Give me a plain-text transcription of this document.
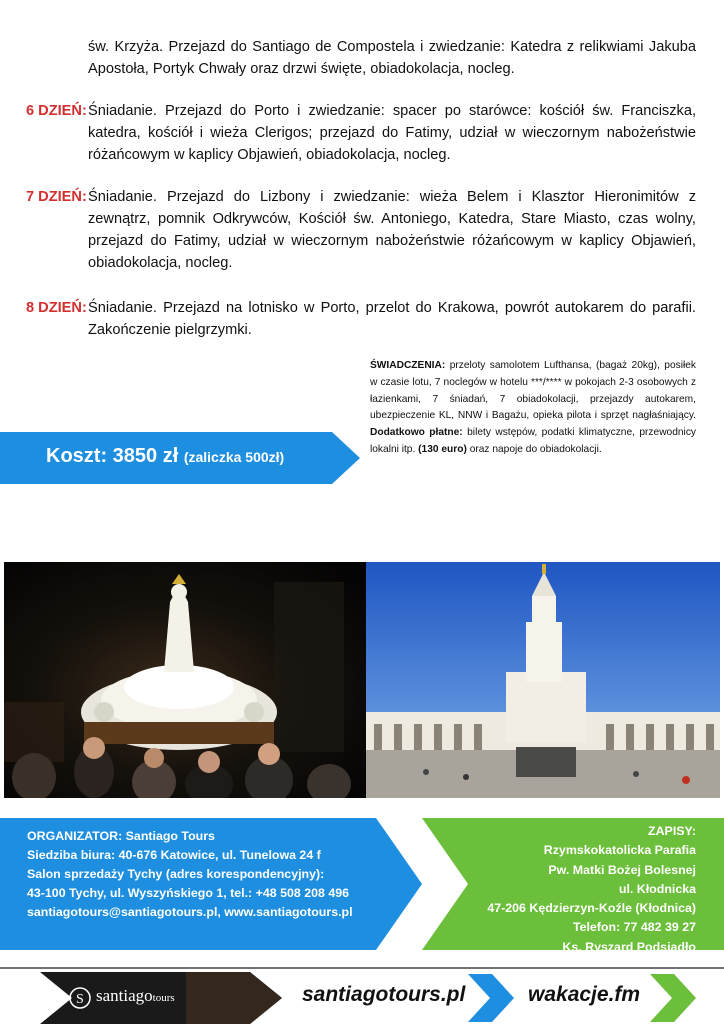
św. Krzyża. Przejazd do Santiago de Compostela i zwiedzanie: Katedra z relikwiami Jakuba Apostoła, Portyk Chwały oraz drzwi święte, obiadokolacja, nocleg.

6 DZIEŃ: Śniadanie. Przejazd do Porto i zwiedzanie: spacer po starówce: kościół św. Franciszka, katedra, kościół i wieża Clerigos; przejazd do Fatimy, udział w wieczornym nabożeństwie różańcowym w kaplicy Objawień, obiadokolacja, nocleg.
7 DZIEŃ: Śniadanie. Przejazd do Lizbony i zwiedzanie: wieża Belem i Klasztor Hieronimitów z zewnątrz, pomnik Odkrywców, Kościół św. Antoniego, Katedra, Stare Miasto, czas wolny, przejazd do Fatimy, udział w wieczornym nabożeństwie różańcowym w kaplicy Objawień, obiadokolacja, nocleg.
8 DZIEŃ: Śniadanie. Przejazd na lotnisko w Porto, przelot do Krakowa, powrót autokarem do parafii. Zakończenie pielgrzymki.
Koszt: 3850 zł (zaliczka 500zł)
ŚWIADCZENIA: przeloty samolotem Lufthansa, (bagaż 20kg), posiłek w czasie lotu, 7 noclegów w hotelu ***/**** w pokojach 2-3 osobowych z łazienkami, 7 śniadań, 7 obiadokolacji, przejazdy autokarem, ubezpieczenie KL, NNW i Bagażu, opieka pilota i sprzęt nagłaśniający. Dodatkowo płatne: bilety wstępów, podatki klimatyczne, przewodnicy lokalni itp. (130 euro) oraz napoje do obiadokolacji.
ORGANIZATOR: Santiago Tours
Siedziba biura: 40-676 Katowice, ul. Tunelowa 24 f
Salon sprzedaży Tychy (adres korespondencyjny):
43-100 Tychy, ul. Wyszyńskiego 1, tel.: +48 508 208 496
santiagotours@santiagotours.pl, www.santiagotours.pl
ZAPISY:
Rzymskokatolicka Parafia
Pw. Matki Bożej Bolesnej
ul. Kłodnicka
47-206 Kędzierzyn-Koźle (Kłodnica)
Telefon: 77 482 39 27
Ks. Ryszard Podsiadło
S santiagotours	santiagotours.pl	wakacje.fm
